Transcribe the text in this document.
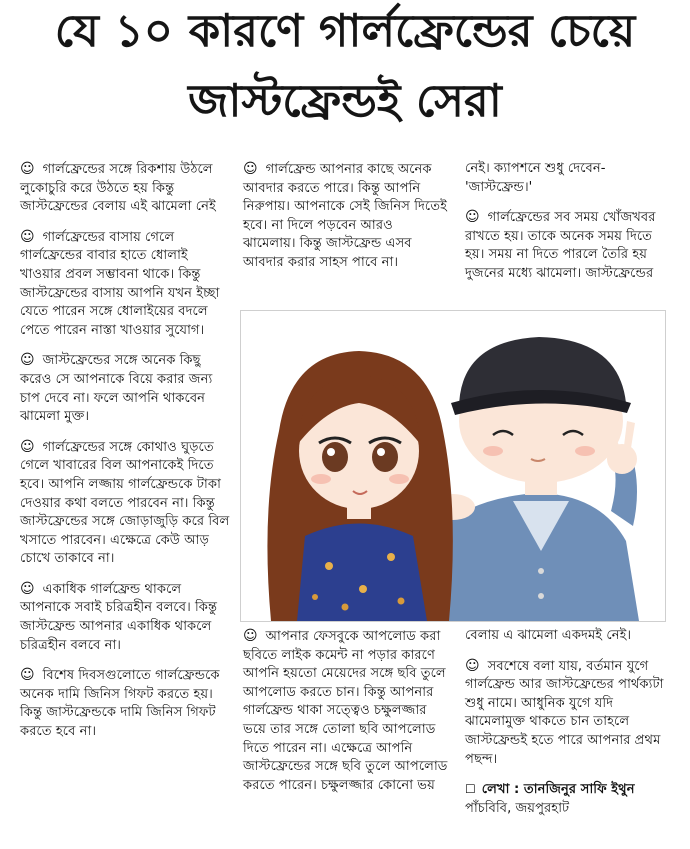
যে ১০ কারণে গার্লফ্রেন্ডের চেয়ে
জাস্টফ্রেন্ডই সেরা

☺ গার্লফ্রেন্ডের সঙ্গে রিকশায় উঠলে লুকোচুরি করে উঠতে হয় কিন্তু জাস্টফ্রেন্ডের বেলায় এই ঝামেলা নেই

☺ গার্লফ্রেন্ডের বাসায় গেলে গার্লফ্রেন্ডের বাবার হাতে ধোলাই খাওয়ার প্রবল সম্ভাবনা থাকে। কিন্তু জাস্টফ্রেন্ডের বাসায় আপনি যখন ইচ্ছা যেতে পারেন সঙ্গে ধোলাইয়ের বদলে পেতে পারেন নাস্তা খাওয়ার সুযোগ।

☺ জাস্টফ্রেন্ডের সঙ্গে অনেক কিছু করেও সে আপনাকে বিয়ে করার জন্য চাপ দেবে না। ফলে আপনি থাকবেন ঝামেলা মুক্ত।

☺ গার্লফ্রেন্ডের সঙ্গে কোথাও ঘুড়তে গেলে খাবারের বিল আপনাকেই দিতে হবে। আপনি লজ্জায় গার্লফ্রেন্ডকে টাকা দেওয়ার কথা বলতে পারবেন না। কিন্তু জাস্টফ্রেন্ডের সঙ্গে জোড়াজুড়ি করে বিল খসাতে পারবেন। এক্ষেত্রে কেউ আড় চোখে তাকাবে না।

☺ একাধিক গার্লফ্রেন্ড থাকলে আপনাকে সবাই চরিত্রহীন বলবে। কিন্তু জাস্টফ্রেন্ড আপনার একাধিক থাকলে চরিত্রহীন বলবে না।

☺ বিশেষ দিবসগুলোতে গার্লফ্রেন্ডকে অনেক দামি জিনিস গিফট করতে হয়। কিন্তু জাস্টফ্রেন্ডকে দামি জিনিস গিফট করতে হবে না।

☺ গার্লফ্রেন্ড আপনার কাছে অনেক আবদার করতে পারে। কিন্তু আপনি নিরুপায়। আপনাকে সেই জিনিস দিতেই হবে। না দিলে পড়বেন আরও ঝামেলায়। কিন্তু জাস্টফ্রেন্ড এসব আবদার করার সাহস পাবে না।

নেই। ক্যাপশনে শুধু দেবেন- 'জাস্টফ্রেন্ড।'

☺ গার্লফ্রেন্ডের সব সময় খোঁজখবর রাখতে হয়। তাকে অনেক সময় দিতে হয়। সময় না দিতে পারলে তৈরি হয় দুজনের মধ্যে ঝামেলা। জাস্টফ্রেন্ডের

☺ আপনার ফেসবুকে আপলোড করা ছবিতে লাইক কমেন্ট না পড়ার কারণে আপনি হয়তো মেয়েদের সঙ্গে ছবি তুলে আপলোড করতে চান। কিন্তু আপনার গার্লফ্রেন্ড থাকা সত্ত্বেও চক্ষুলজ্জার ভয়ে তার সঙ্গে তোলা ছবি আপলোড দিতে পারেন না। এক্ষেত্রে আপনি জাস্টফ্রেন্ডের সঙ্গে ছবি তুলে আপলোড করতে পারেন। চক্ষুলজ্জার কোনো ভয়

বেলায় এ ঝামেলা একদমই নেই।

☺ সবশেষে বলা যায়, বর্তমান যুগে গার্লফ্রেন্ড আর জাস্টফ্রেন্ডের পার্থক্যটা শুধু নামে। আধুনিক যুগে যদি ঝামেলামুক্ত থাকতে চান তাহলে জাস্টফ্রেন্ডই হতে পারে আপনার প্রথম পছন্দ।

☐ লেখা : তানজিনুর সাফি ইথুন

পাঁচবিবি, জয়পুরহাট
